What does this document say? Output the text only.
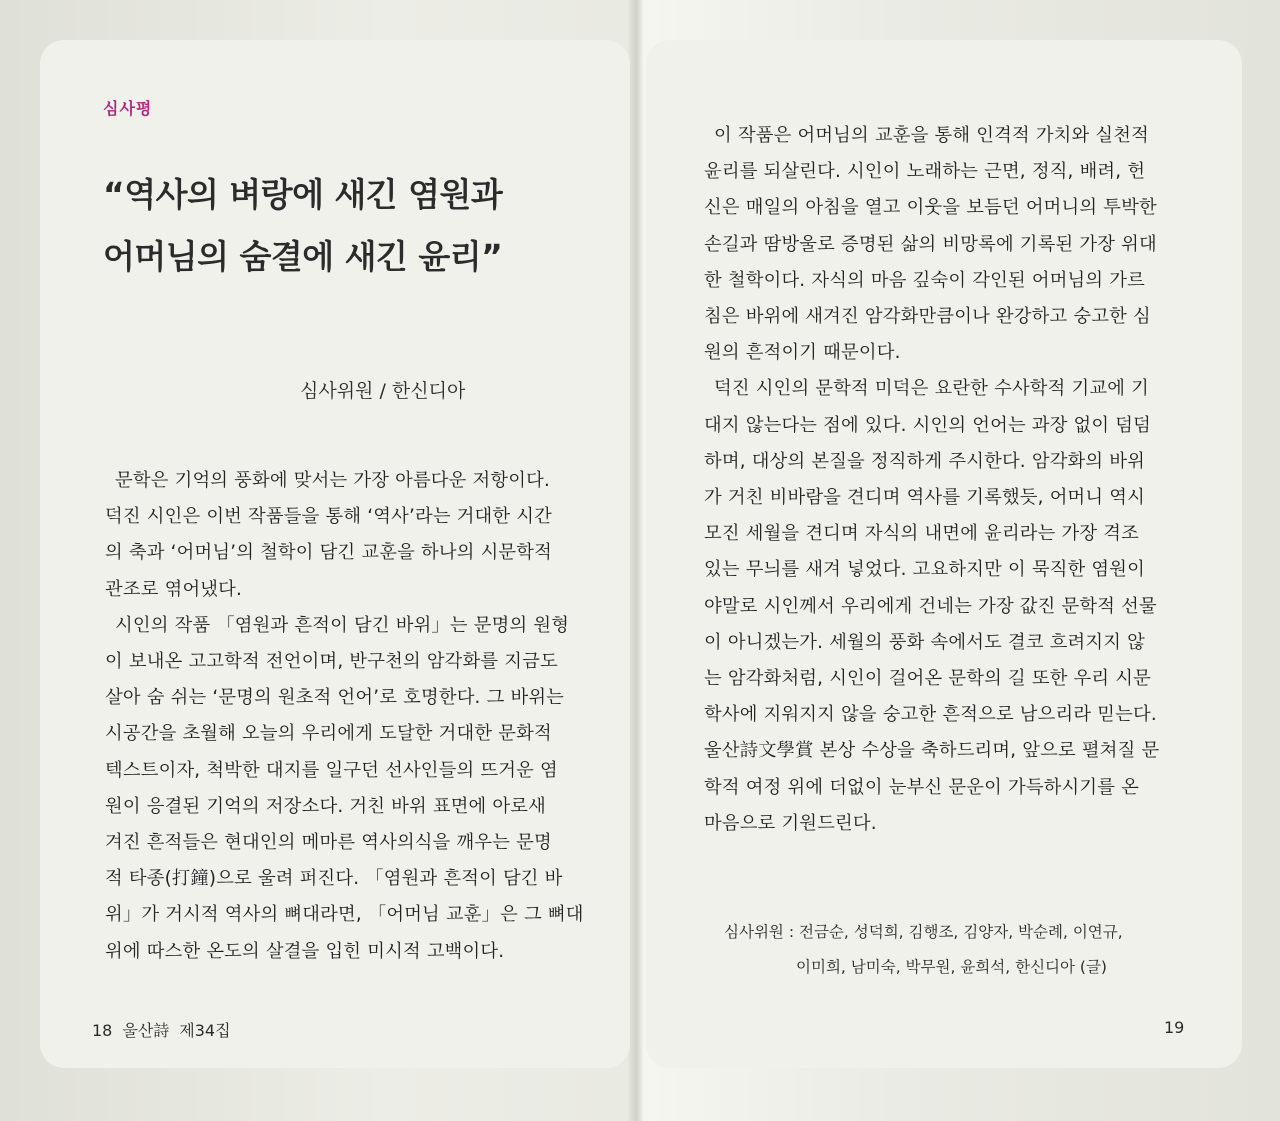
심사평
“역사의 벼랑에 새긴 염원과
어머님의 숨결에 새긴 윤리”
심사위원 / 한신디아
문학은 기억의 풍화에 맞서는 가장 아름다운 저항이다.
덕진 시인은 이번 작품들을 통해 ‘역사’라는 거대한 시간
의 축과 ‘어머님’의 철학이 담긴 교훈을 하나의 시문학적
관조로 엮어냈다.
시인의 작품 「염원과 흔적이 담긴 바위」는 문명의 원형
이 보내온 고고학적 전언이며, 반구천의 암각화를 지금도
살아 숨 쉬는 ‘문명의 원초적 언어’로 호명한다. 그 바위는
시공간을 초월해 오늘의 우리에게 도달한 거대한 문화적
텍스트이자, 척박한 대지를 일구던 선사인들의 뜨거운 염
원이 응결된 기억의 저장소다. 거친 바위 표면에 아로새
겨진 흔적들은 현대인의 메마른 역사의식을 깨우는 문명
적 타종(打鐘)으로 울려 퍼진다. 「염원과 흔적이 담긴 바
위」가 거시적 역사의 뼈대라면, 「어머님 교훈」은 그 뼈대
위에 따스한 온도의 살결을 입힌 미시적 고백이다.
18 울산詩 제34집
이 작품은 어머님의 교훈을 통해 인격적 가치와 실천적
윤리를 되살린다. 시인이 노래하는 근면, 정직, 배려, 헌
신은 매일의 아침을 열고 이웃을 보듬던 어머니의 투박한
손길과 땀방울로 증명된 삶의 비망록에 기록된 가장 위대
한 철학이다. 자식의 마음 깊숙이 각인된 어머님의 가르
침은 바위에 새겨진 암각화만큼이나 완강하고 숭고한 심
원의 흔적이기 때문이다.
덕진 시인의 문학적 미덕은 요란한 수사학적 기교에 기
대지 않는다는 점에 있다. 시인의 언어는 과장 없이 덤덤
하며, 대상의 본질을 정직하게 주시한다. 암각화의 바위
가 거친 비바람을 견디며 역사를 기록했듯, 어머니 역시
모진 세월을 견디며 자식의 내면에 윤리라는 가장 격조
있는 무늬를 새겨 넣었다. 고요하지만 이 묵직한 염원이
야말로 시인께서 우리에게 건네는 가장 값진 문학적 선물
이 아니겠는가. 세월의 풍화 속에서도 결코 흐려지지 않
는 암각화처럼, 시인이 걸어온 문학의 길 또한 우리 시문
학사에 지워지지 않을 숭고한 흔적으로 남으리라 믿는다.
울산詩文學賞 본상 수상을 축하드리며, 앞으로 펼쳐질 문
학적 여정 위에 더없이 눈부신 문운이 가득하시기를 온
마음으로 기원드린다.
심사위원 : 전금순, 성덕희, 김행조, 김양자, 박순례, 이연규,
이미희, 남미숙, 박무원, 윤희석, 한신디아 (글)
19
